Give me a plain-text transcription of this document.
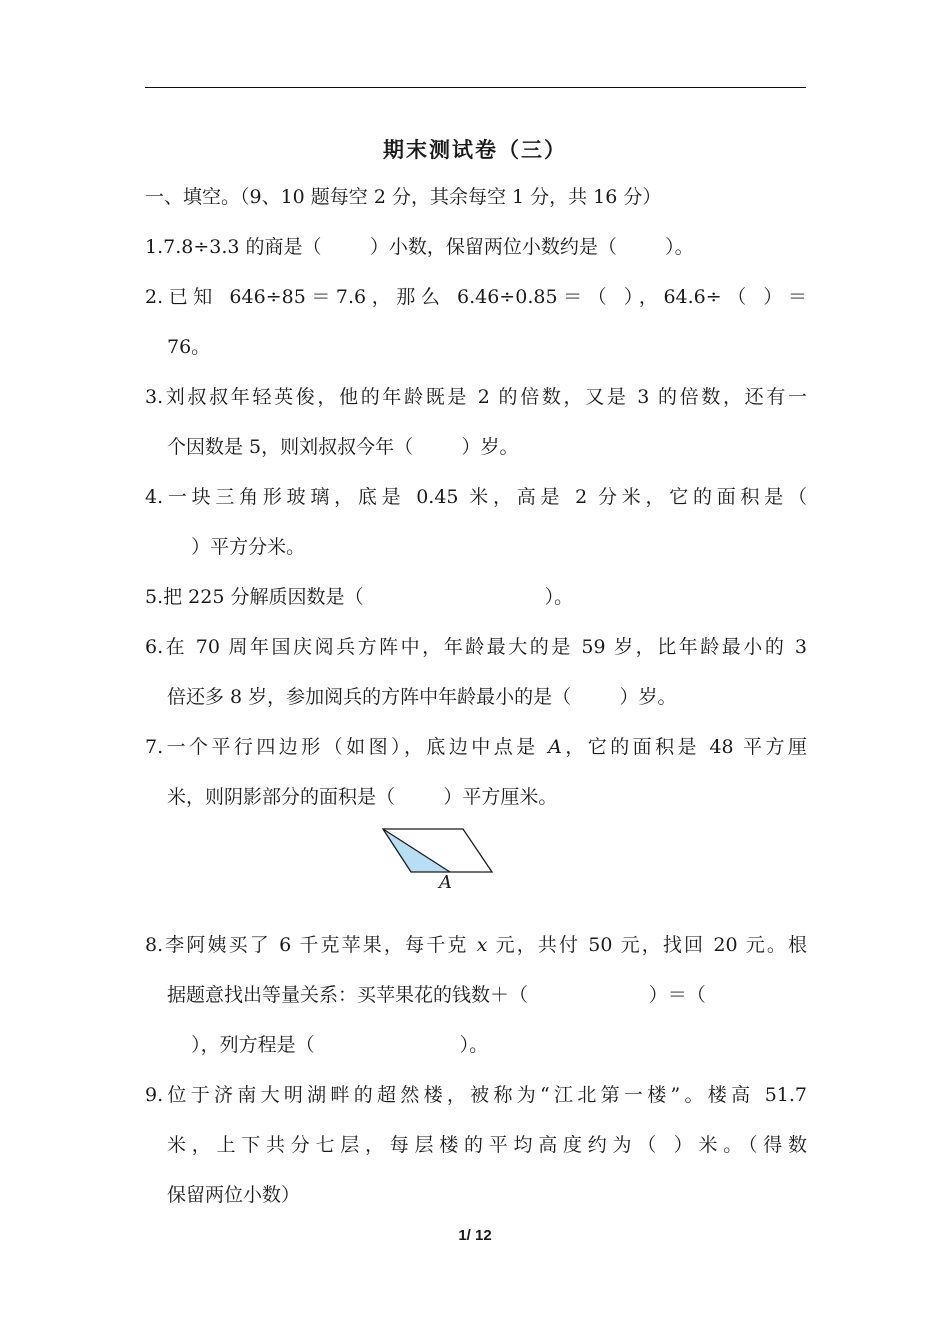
期末测试卷（三）
一、填空。（9、10 题每空 2 分，其余每空 1 分，共 16 分）
1.7.8÷3.3 的商是（        ）小数，保留两位小数约是（        ）。
2.已知 646÷85＝7.6，那么 6.46÷0.85＝（ ），64.6÷（ ）＝
76。
3.刘叔叔年轻英俊，他的年龄既是 2 的倍数，又是 3 的倍数，还有一
个因数是 5，则刘叔叔今年（        ）岁。
4.一块三角形玻璃，底是 0.45 米，高是 2 分米，它的面积是（
）平方分米。
5.把 225 分解质因数是（                              ）。
6.在 70 周年国庆阅兵方阵中，年龄最大的是 59 岁，比年龄最小的 3
倍还多 8 岁，参加阅兵的方阵中年龄最小的是（        ）岁。
7.一个平行四边形（如图），底边中点是 A，它的面积是 48 平方厘
米，则阴影部分的面积是（        ）平方厘米。
A
8.李阿姨买了 6 千克苹果，每千克 x 元，共付 50 元，找回 20 元。根
据题意找出等量关系：买苹果花的钱数＋（                    ）＝（
），列方程是（                        ）。
9.位于济南大明湖畔的超然楼，被称为“江北第一楼”。楼高 51.7
米，上下共分七层，每层楼的平均高度约为（ ）米。（得数
保留两位小数）
1/ 12
